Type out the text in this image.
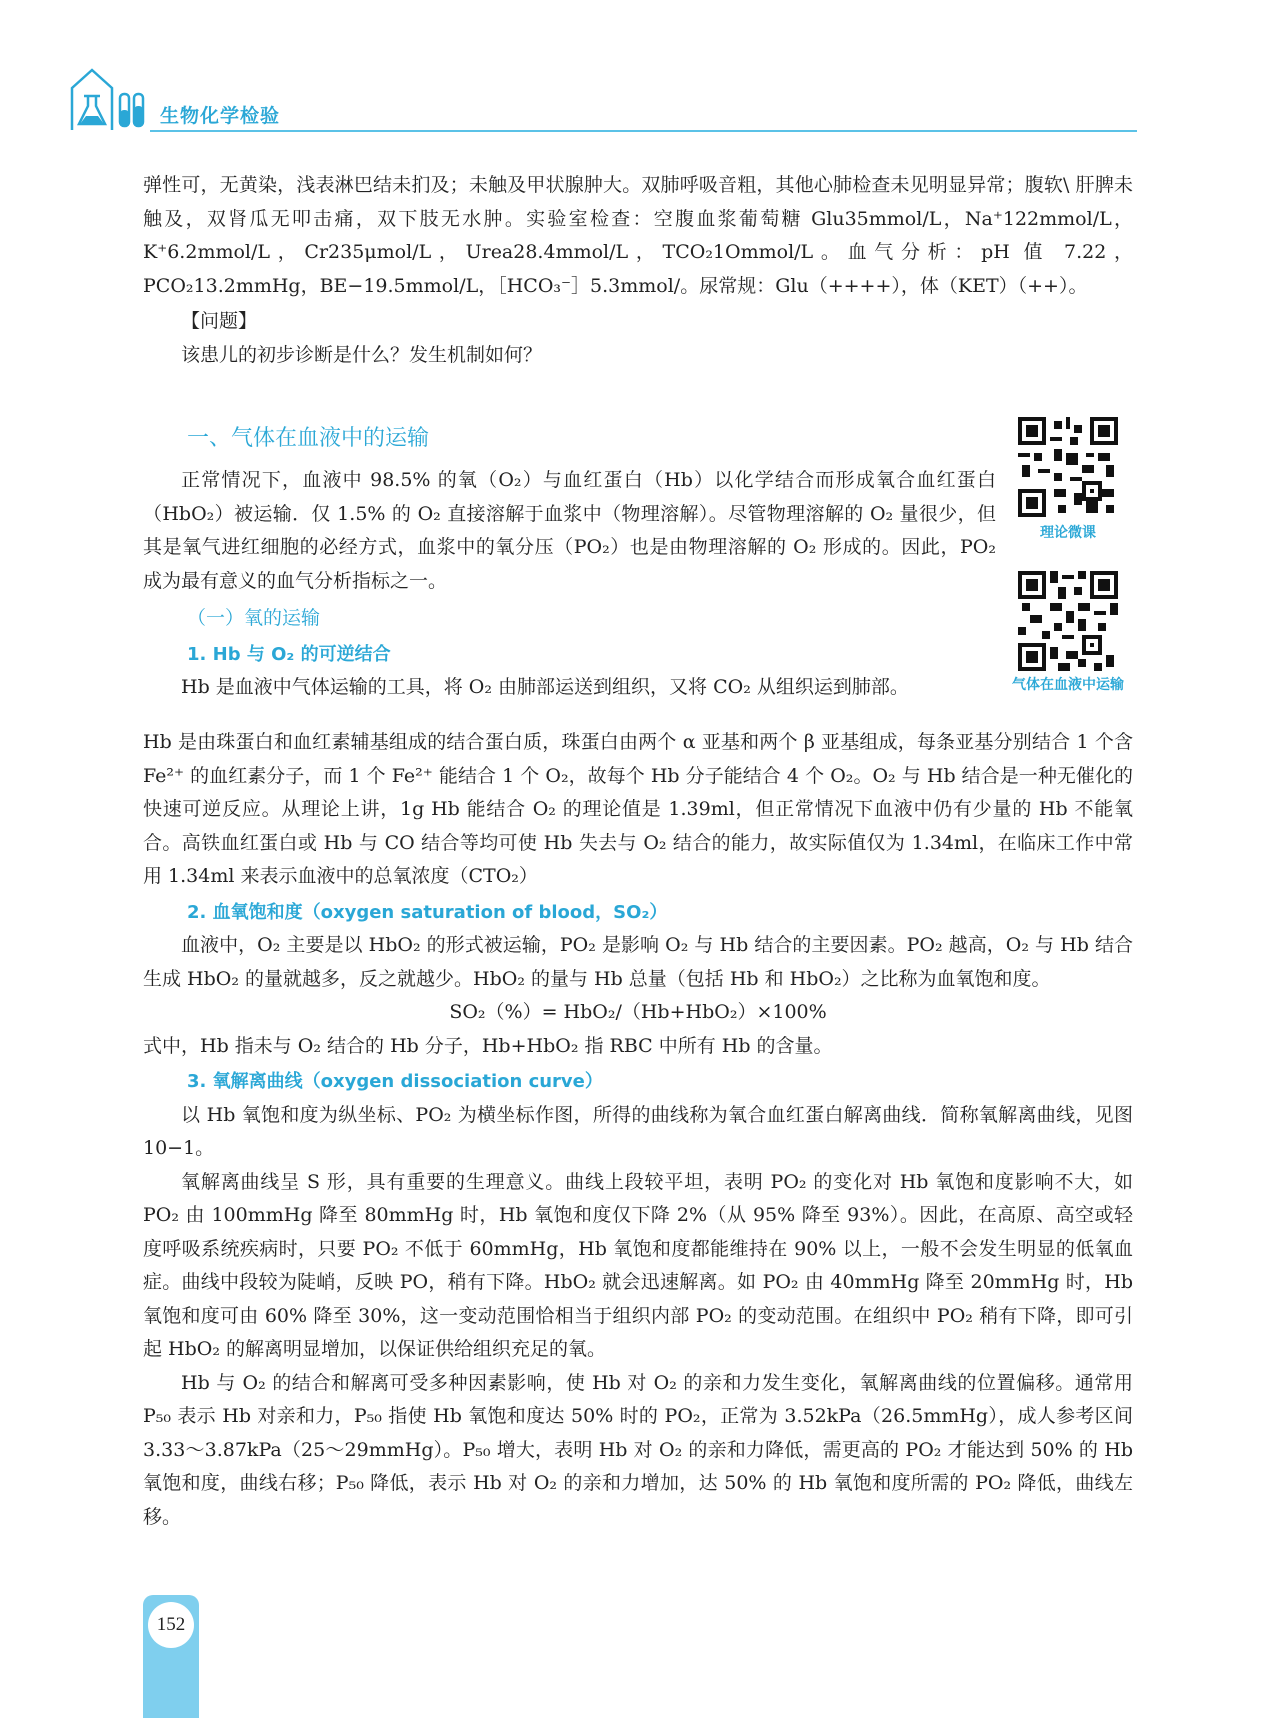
生物化学检验

弹性可，无黄染，浅表淋巴结未扪及；未触及甲状腺肿大。双肺呼吸音粗，其他心肺检查未见明显异常；腹软\ 肝脾未触及，双肾瓜无叩击痛，双下肢无水肿。实验室检查：空腹血浆葡萄糖 Glu35mmol/L，Na⁺122mmol/L，K⁺6.2mmol/L，Cr235μmol/L，Urea28.4mmol/L，TCO₂1Ommol/L。血气分析：pH 值 7.22，PCO₂13.2mmHg，BE−19.5mmol/L，［HCO₃⁻］5.3mmol/。尿常规：Glu（++++），体（KET）（++）。

【问题】

该患儿的初步诊断是什么？发生机制如何？

一、气体在血液中的运输

正常情况下，血液中 98.5% 的氧（O₂）与血红蛋白（Hb）以化学结合而形成氧合血红蛋白（HbO₂）被运输．仅 1.5% 的 O₂ 直接溶解于血浆中（物理溶解）。尽管物理溶解的 O₂ 量很少，但其是氧气进红细胞的必经方式，血浆中的氧分压（PO₂）也是由物理溶解的 O₂ 形成的。因此，PO₂ 成为最有意义的血气分析指标之一。

（一）氧的运输
1. Hb 与 O₂ 的可逆结合

Hb 是血液中气体运输的工具，将 O₂ 由肺部运送到组织，又将 CO₂ 从组织运到肺部。

Hb 是由珠蛋白和血红素辅基组成的结合蛋白质，珠蛋白由两个 α 亚基和两个 β 亚基组成，每条亚基分别结合 1 个含 Fe²⁺ 的血红素分子，而 1 个 Fe²⁺ 能结合 1 个 O₂，故每个 Hb 分子能结合 4 个 O₂。O₂ 与 Hb 结合是一种无催化的快速可逆反应。从理论上讲，1g Hb 能结合 O₂ 的理论值是 1.39ml，但正常情况下血液中仍有少量的 Hb 不能氧合。高铁血红蛋白或 Hb 与 CO 结合等均可使 Hb 失去与 O₂ 结合的能力，故实际值仅为 1.34ml，在临床工作中常用 1.34ml 来表示血液中的总氧浓度（CTO₂）

2. 血氧饱和度（oxygen saturation of blood，SO₂）

血液中，O₂ 主要是以 HbO₂ 的形式被运输，PO₂ 是影响 O₂ 与 Hb 结合的主要因素。PO₂ 越高，O₂ 与 Hb 结合生成 HbO₂ 的量就越多，反之就越少。HbO₂ 的量与 Hb 总量（包括 Hb 和 HbO₂）之比称为血氧饱和度。

SO₂（%）= HbO₂/（Hb+HbO₂）×100%

式中，Hb 指未与 O₂ 结合的 Hb 分子，Hb+HbO₂ 指 RBC 中所有 Hb 的含量。

3. 氧解离曲线（oxygen dissociation curve）

以 Hb 氧饱和度为纵坐标、PO₂ 为横坐标作图，所得的曲线称为氧合血红蛋白解离曲线．简称氧解离曲线，见图 10−1。

氧解离曲线呈 S 形，具有重要的生理意义。曲线上段较平坦，表明 PO₂ 的变化对 Hb 氧饱和度影响不大，如 PO₂ 由 100mmHg 降至 80mmHg 时，Hb 氧饱和度仅下降 2%（从 95% 降至 93%）。因此，在高原、高空或轻度呼吸系统疾病时，只要 PO₂ 不低于 60mmHg，Hb 氧饱和度都能维持在 90% 以上，一般不会发生明显的低氧血症。曲线中段较为陡峭，反映 PO，稍有下降。HbO₂ 就会迅速解离。如 PO₂ 由 40mmHg 降至 20mmHg 时，Hb 氧饱和度可由 60% 降至 30%，这一变动范围恰相当于组织内部 PO₂ 的变动范围。在组织中 PO₂ 稍有下降，即可引起 HbO₂ 的解离明显增加，以保证供给组织充足的氧。

Hb 与 O₂ 的结合和解离可受多种因素影响，使 Hb 对 O₂ 的亲和力发生变化，氧解离曲线的位置偏移。通常用 P₅₀ 表示 Hb 对亲和力，P₅₀ 指使 Hb 氧饱和度达 50% 时的 PO₂，正常为 3.52kPa（26.5mmHg），成人参考区间 3.33～3.87kPa（25～29mmHg）。P₅₀ 增大，表明 Hb 对 O₂ 的亲和力降低，需更高的 PO₂ 才能达到 50% 的 Hb 氧饱和度，曲线右移；P₅₀ 降低，表示 Hb 对 O₂ 的亲和力增加，达 50% 的 Hb 氧饱和度所需的 PO₂ 降低，曲线左移。

理论微课
气体在血液中运输
152
